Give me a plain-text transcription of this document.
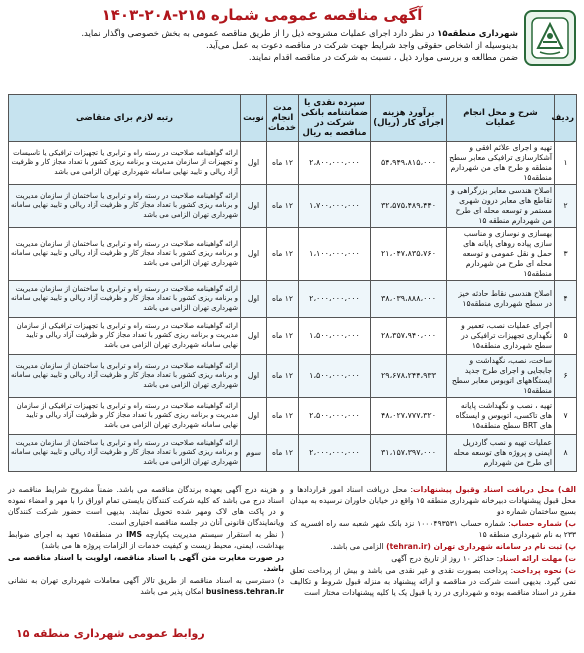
آگهی مناقصه عمومی شماره ۲۱۵-۲۰۸-۱۴۰۳
شهرداری منطقه۱۵ در نظر دارد اجرای عملیات مشروحه ذیل را از طریق مناقصه عمومی به بخش خصوصی واگذار نماید.
بدینوسیله از اشخاص حقوقی واجد شرایط جهت شرکت در مناقصه دعوت به عمل می‌آید.
ضمن مطالعه و بررسی موارد ذیل ، نسبت به شرکت در مناقصه اقدام نمایند.
ردیف	شرح و محل انجام عملیات	برآورد هزینه اجرای کار (ریال)	سپرده نقدی یا ضمانتنامه بانکی شرکت در مناقصه به ریال	مدت انجام خدمات	نوبت	رتبه لازم برای متقاضی
۱	تهیه و اجرای علائم افقی و آشکارسازی ترافیکی معابر سطح منطقه و طرح های من شهردارم منطقه۱۵	۵۴،۹۴۹،۸۱۵،۰۰۰	۲،۸۰۰،۰۰۰،۰۰۰	۱۲ ماه	اول	ارائه گواهینامه صلاحیت در رسته راه و ترابری یا تجهیزات ترافیکی یا تاسیسات و تجهیزات از سازمان مدیریت و برنامه ریزی کشور با تعداد مجاز کار و ظرفیت آزاد ریالی و تایید نهایی سامانه شهرداری تهران الزامی می باشد
۲	اصلاح هندسی معابر بزرگراهی و تقاطع های معابر درون شهری مستمر و توسعه محله ای طرح من شهردارم منطقه ۱۵	۳۲،۵۷۵،۴۸۹،۴۴۰	۱،۷۰۰،۰۰۰،۰۰۰	۱۲ ماه	اول	ارائه گواهینامه صلاحیت در رسته راه و ترابری یا ساختمان از سازمان مدیریت و برنامه ریزی کشور با تعداد مجاز کار و ظرفیت آزاد ریالی و تایید نهایی سامانه شهرداری تهران الزامی می باشد
۳	بهسازی و نوسازی و مناسب سازی پیاده روهای پایانه های حمل و نقل عمومی و توسعه محله ای طرح من شهردارم منطقه۱۵	۲۱،۰۴۷،۸۳۵،۷۶۰	۱،۱۰۰،۰۰۰،۰۰۰	۱۲ ماه	اول	ارائه گواهینامه صلاحیت در رسته راه و ترابری یا ساختمان از سازمان مدیریت و برنامه ریزی کشور با تعداد مجاز کار و ظرفیت آزاد ریالی و تایید نهایی سامانه شهرداری تهران الزامی می باشد
۴	اصلاح هندسی نقاط حادثه خیز در سطح شهرداری منطقه۱۵	۳۸،۰۳۹،۸۸۸،۰۰۰	۲،۰۰۰،۰۰۰،۰۰۰	۱۲ ماه	اول	ارائه گواهینامه صلاحیت در رسته راه و ترابری یا ساختمان از سازمان مدیریت و برنامه ریزی کشور با تعداد مجاز کار و ظرفیت آزاد ریالی و تایید نهایی سامانه شهرداری تهران الزامی می باشد
۵	اجرای عملیات نصب، تعمیر و نگهداری تجهیزات ترافیکی در سطح شهرداری منطقه۱۵	۲۸،۳۵۷،۹۴۰،۰۰۰	۱،۵۰۰،۰۰۰،۰۰۰	۱۲ ماه	اول	ارائه گواهینامه صلاحیت در رسته راه و ترابری یا تجهیزات ترافیکی از سازمان مدیریت و برنامه ریزی کشور با تعداد مجاز کار و ظرفیت آزاد ریالی و تایید نهایی سامانه شهرداری تهران الزامی می باشد
۶	ساخت، نصب، نگهداشت و جابجایی و اجرای طرح جدید ایستگاههای اتوبوس معابر سطح منطقه۱۵	۲۹،۶۷۸،۲۴۴،۹۳۳	۱،۵۰۰،۰۰۰،۰۰۰	۱۲ ماه	اول	ارائه گواهینامه صلاحیت در رسته راه و ترابری یا ساختمان از سازمان مدیریت و برنامه ریزی کشور با تعداد مجاز کار و ظرفیت آزاد ریالی و تایید نهایی سامانه شهرداری تهران الزامی می باشد
۷	تهیه ، نصب و نگهداشت پایانه های تاکسی، اتوبوس و ایستگاه های BRT سطح منطقه۱۵	۴۸،۰۲۷،۷۷۷،۳۲۰	۲،۵۰۰،۰۰۰،۰۰۰	۱۲ ماه	اول	ارائه گواهینامه صلاحیت در رسته راه و ترابری یا تجهیزات ترافیکی از سازمان مدیریت و برنامه ریزی کشور با تعداد مجاز کار و ظرفیت آزاد ریالی و تایید نهایی سامانه شهرداری تهران الزامی می باشد
۸	عملیات تهیه و نصب گاردریل ایمنی و پروژه های توسعه محله ای طرح من شهردارم	۳۱،۱۵۷،۳۹۷،۰۰۰	۲،۰۰۰،۰۰۰،۰۰۰	۱۲ ماه	سوم	ارائه گواهینامه صلاحیت در رسته راه و ترابری یا ساختمان از سازمان مدیریت و برنامه ریزی کشور با تعداد مجاز کار و ظرفیت آزاد ریالی و تایید نهایی سامانه شهرداری تهران الزامی می باشد

الف) محل دریافت اسناد وقبول پیشنهادات: محل دریافت اسناد امور قراردادها و محل قبول پیشنهادات دبیرخانه شهرداری منطقه ۱۵ واقع در خیابان خاوران نرسیده به میدان بسیج ساختمان شماره دو

ب) شماره حساب: شماره حساب ۱۰۰۰۴۹۳۵۳۱ نزد بانک شهر شعبه سه راه افسریه کد ۲۳۳ به نام شهرداری منطقه ۱۵

پ) ثبت نام در سامانه شهرداری تهران (tehran.ir) الزامی می باشد.

ت) مهلت ارائه اسناد: حداکثر ۱۰ روز از تاریخ درج آگهی

ث) نحوه پرداخت: پرداخت بصورت نقدی و غیر نقدی می باشد و بیش از پرداخت تعلق نمی گیرد. بدیهی است شرکت در مناقصه و ارائه پیشنهاد به منزله قبول شروط و تکالیف مقرر در اسناد مناقصه بوده و شهرداری در رد یا قبول یک یا کلیه پیشنهادات مختار است

و هزینه درج آگهی بعهده برندگان مناقصه می باشد. ضمناً مشروح شرایط مناقصه در اسناد درج می باشد که کلیه شرکت کنندگان بایستی تمام اوراق را با مهر و امضاء نموده و در پاکت های لاک ومهر شده تحویل نمایند. بدیهی است حضور شرکت کنندگان ویانمایندگان قانونی آنان در جلسه مناقصه اختیاری است.

( نظر به استقرار سیستم مدیریت یکپارچه IMS در منطقه۱۵ تعهد به اجرای ضوابط بهداشت، ایمنی، محیط زیست و کیفیت خدمات از الزامات پروژه ها می باشد)

در صورت مغایرت متن آگهی با اسناد مناقصه، اولویت با اسناد مناقصه می باشد.

د) دسترسی به اسناد مناقصه از طریق تالار آگهی معاملات شهرداری تهران به نشانی business.tehran.ir امکان پذیر می باشد

روابط عمومی شهرداری منطقه ۱۵
